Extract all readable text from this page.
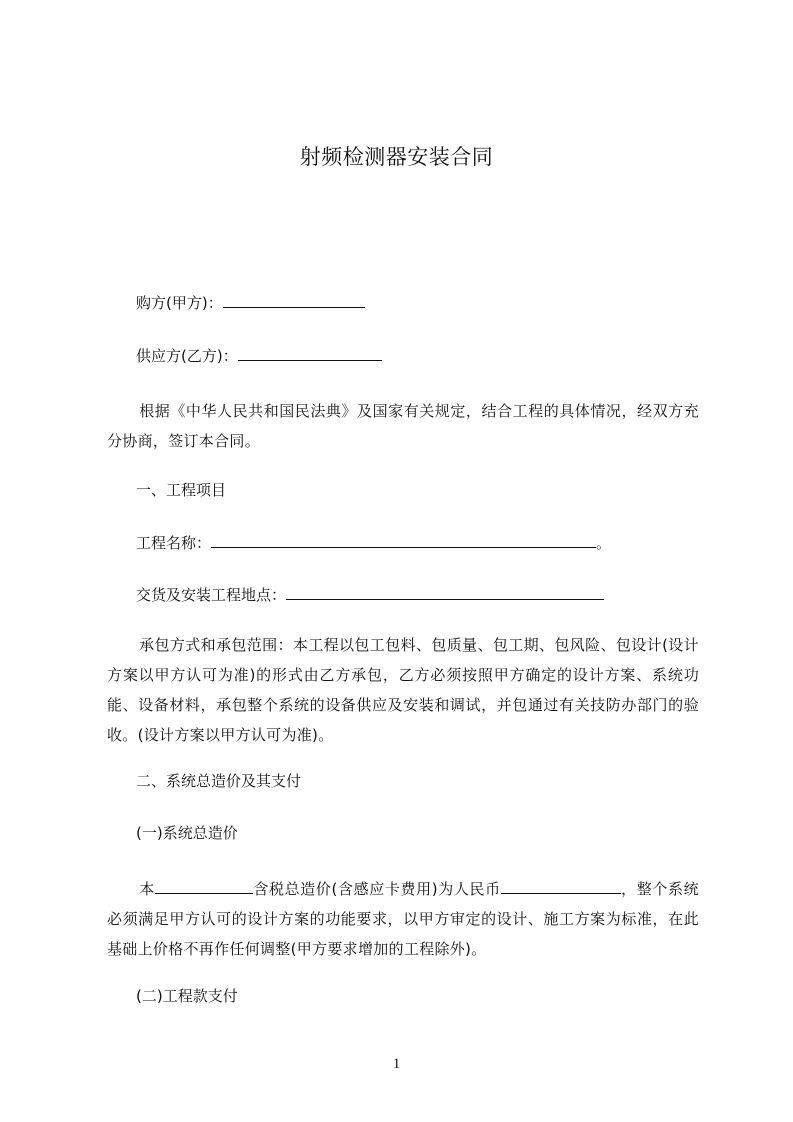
射频检测器安装合同
购方(甲方)：
供应方(乙方)：
根据《中华人民共和国民法典》及国家有关规定，结合工程的具体情况，经双方充分协商，签订本合同。
一、工程项目
工程名称：	。
交货及安装工程地点：
承包方式和承包范围：本工程以包工包料、包质量、包工期、包风险、包设计(设计方案以甲方认可为准)的形式由乙方承包，乙方必须按照甲方确定的设计方案、系统功能、设备材料，承包整个系统的设备供应及安装和调试，并包通过有关技防办部门的验收。(设计方案以甲方认可为准)。
二、系统总造价及其支付
(一)系统总造价
本	含税总造价(含感应卡费用)为人民币	，整个系统必须满足甲方认可的设计方案的功能要求，以甲方审定的设计、施工方案为标准，在此基础上价格不再作任何调整(甲方要求增加的工程除外)。
(二)工程款支付
1
